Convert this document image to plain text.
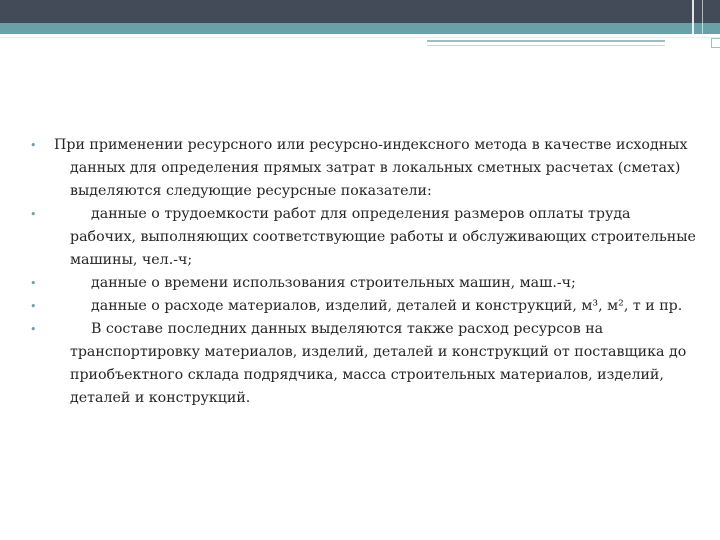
•	При применении ресурсного или ресурсно-индексного метода в качестве исходных данных для определения прямых затрат в локальных сметных расчетах (сметах) выделяются следующие ресурсные показатели:
•	данные о трудоемкости работ для определения размеров оплаты труда рабочих, выполняющих соответствующие работы и обслуживающих строительные машины, чел.-ч;
•	данные о времени использования строительных машин, маш.-ч;
•	данные о расходе материалов, изделий, деталей и конструкций, м³, м², т и пр.
•	В составе последних данных выделяются также расход ресурсов на транспортировку материалов, изделий, деталей и конструкций от поставщика до приобъектного склада подрядчика, масса строительных материалов, изделий, деталей и конструкций.
